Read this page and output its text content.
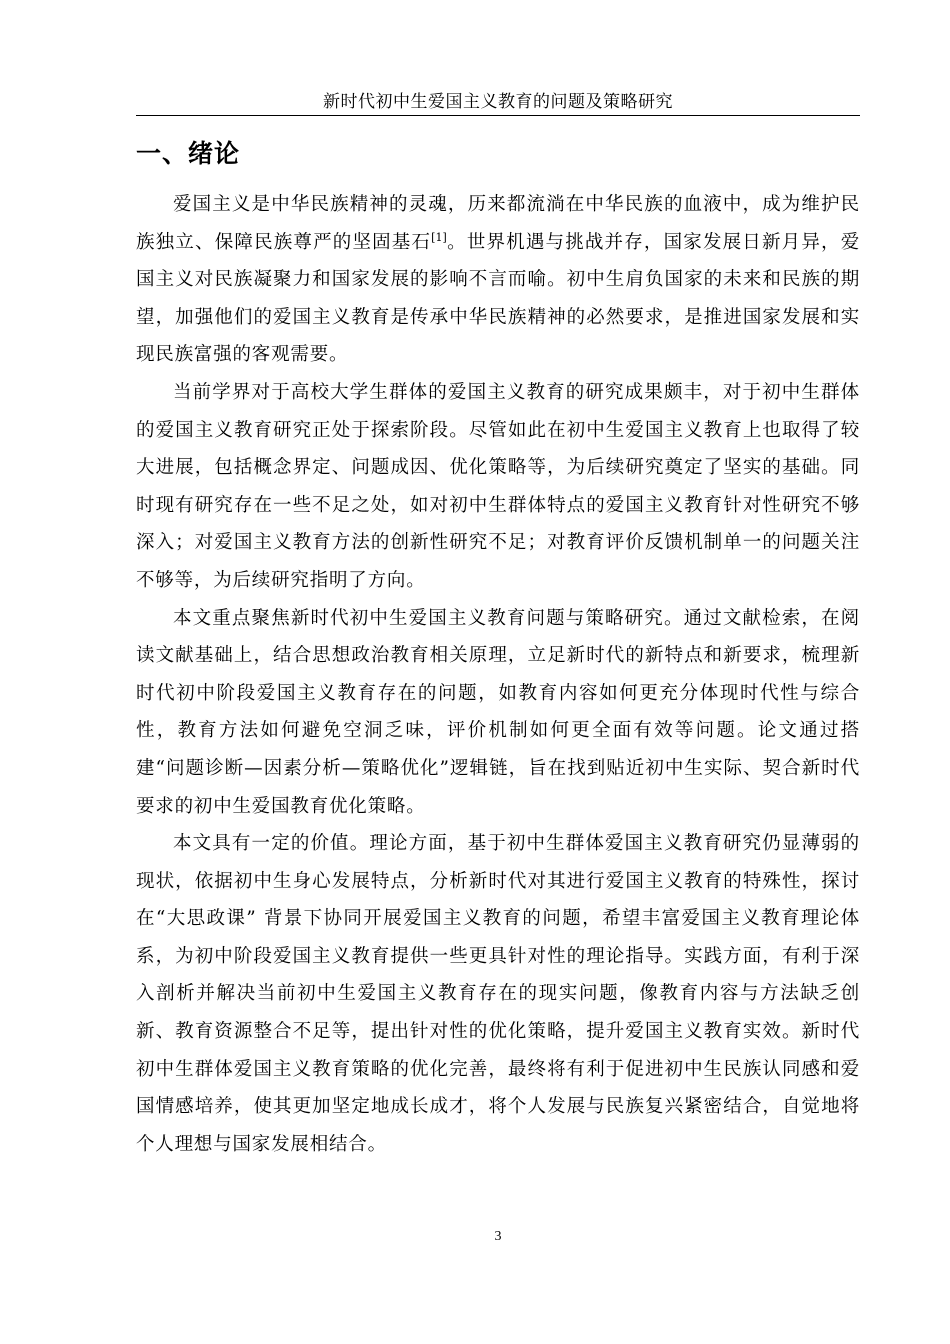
新时代初中生爱国主义教育的问题及策略研究
一、绪论

爱国主义是中华民族精神的灵魂，历来都流淌在中华民族的血液中，成为维护民族独立、保障民族尊严的坚固基石[1]。世界机遇与挑战并存，国家发展日新月异，爱国主义对民族凝聚力和国家发展的影响不言而喻。初中生肩负国家的未来和民族的期望，加强他们的爱国主义教育是传承中华民族精神的必然要求，是推进国家发展和实现民族富强的客观需要。

当前学界对于高校大学生群体的爱国主义教育的研究成果颇丰，对于初中生群体的爱国主义教育研究正处于探索阶段。尽管如此在初中生爱国主义教育上也取得了较大进展，包括概念界定、问题成因、优化策略等，为后续研究奠定了坚实的基础。同时现有研究存在一些不足之处，如对初中生群体特点的爱国主义教育针对性研究不够深入；对爱国主义教育方法的创新性研究不足；对教育评价反馈机制单一的问题关注不够等，为后续研究指明了方向。

本文重点聚焦新时代初中生爱国主义教育问题与策略研究。通过文献检索，在阅读文献基础上，结合思想政治教育相关原理，立足新时代的新特点和新要求，梳理新时代初中阶段爱国主义教育存在的问题，如教育内容如何更充分体现时代性与综合性，教育方法如何避免空洞乏味，评价机制如何更全面有效等问题。论文通过搭建“问题诊断—因素分析—策略优化”逻辑链，旨在找到贴近初中生实际、契合新时代要求的初中生爱国教育优化策略。

本文具有一定的价值。理论方面，基于初中生群体爱国主义教育研究仍显薄弱的现状，依据初中生身心发展特点，分析新时代对其进行爱国主义教育的特殊性，探讨在“大思政课” 背景下协同开展爱国主义教育的问题，希望丰富爱国主义教育理论体系，为初中阶段爱国主义教育提供一些更具针对性的理论指导。实践方面，有利于深入剖析并解决当前初中生爱国主义教育存在的现实问题，像教育内容与方法缺乏创新、教育资源整合不足等，提出针对性的优化策略，提升爱国主义教育实效。新时代初中生群体爱国主义教育策略的优化完善，最终将有利于促进初中生民族认同感和爱国情感培养，使其更加坚定地成长成才，将个人发展与民族复兴紧密结合，自觉地将个人理想与国家发展相结合。

3
